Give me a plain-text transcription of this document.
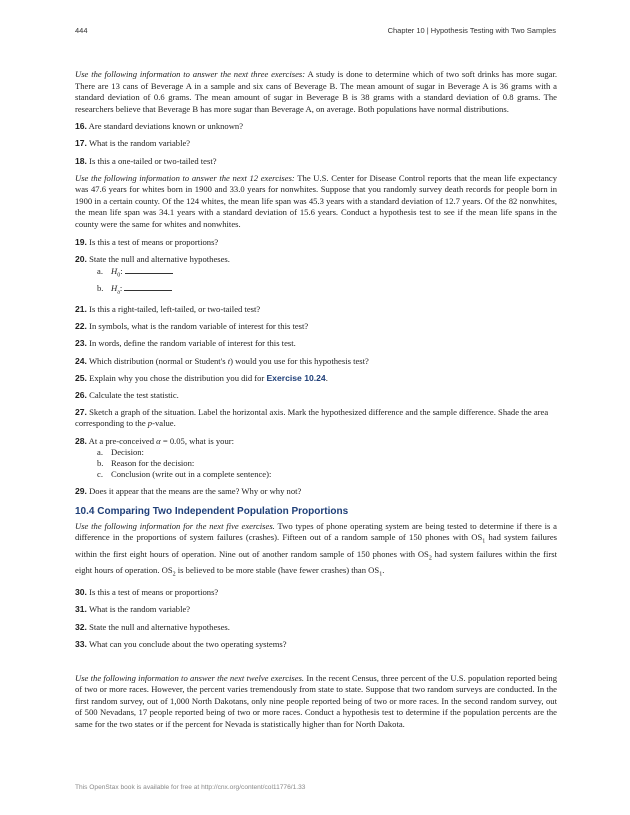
444	Chapter 10 | Hypothesis Testing with Two Samples

Use the following information to answer the next three exercises: A study is done to determine which of two soft drinks has more sugar. There are 13 cans of Beverage A in a sample and six cans of Beverage B. The mean amount of sugar in Beverage A is 36 grams with a standard deviation of 0.6 grams. The mean amount of sugar in Beverage B is 38 grams with a standard deviation of 0.8 grams. The researchers believe that Beverage B has more sugar than Beverage A, on average. Both populations have normal distributions.

16. Are standard deviations known or unknown?

17. What is the random variable?

18. Is this a one-tailed or two-tailed test?

Use the following information to answer the next 12 exercises: The U.S. Center for Disease Control reports that the mean life expectancy was 47.6 years for whites born in 1900 and 33.0 years for nonwhites. Suppose that you randomly survey death records for people born in 1900 in a certain county. Of the 124 whites, the mean life span was 45.3 years with a standard deviation of 12.7 years. Of the 82 nonwhites, the mean life span was 34.1 years with a standard deviation of 15.6 years. Conduct a hypothesis test to see if the mean life spans in the county were the same for whites and nonwhites.

19. Is this a test of means or proportions?

20. State the null and alternative hypotheses.

a. $H_0$:
b. $H_a$:

21. Is this a right-tailed, left-tailed, or two-tailed test?

22. In symbols, what is the random variable of interest for this test?

23. In words, define the random variable of interest for this test.

24. Which distribution (normal or Student's t) would you use for this hypothesis test?

25. Explain why you chose the distribution you did for Exercise 10.24.

26. Calculate the test statistic.

27. Sketch a graph of the situation. Label the horizontal axis. Mark the hypothesized difference and the sample difference. Shade the area corresponding to the p-value.

28. At a pre-conceived α = 0.05, what is your:

a. Decision:
b. Reason for the decision:
c. Conclusion (write out in a complete sentence):

29. Does it appear that the means are the same? Why or why not?

10.4 Comparing Two Independent Population Proportions

Use the following information for the next five exercises. Two types of phone operating system are being tested to determine if there is a difference in the proportions of system failures (crashes). Fifteen out of a random sample of 150 phones with $OS_1$ had system failures within the first eight hours of operation. Nine out of another random sample of 150 phones with $OS_2$ had system failures within the first eight hours of operation. $OS_2$ is believed to be more stable (have fewer crashes) than $OS_1$.

30. Is this a test of means or proportions?

31. What is the random variable?

32. State the null and alternative hypotheses.

33. What can you conclude about the two operating systems?

Use the following information to answer the next twelve exercises. In the recent Census, three percent of the U.S. population reported being of two or more races. However, the percent varies tremendously from state to state. Suppose that two random surveys are conducted. In the first random survey, out of 1,000 North Dakotans, only nine people reported being of two or more races. In the second random survey, out of 500 Nevadans, 17 people reported being of two or more races. Conduct a hypothesis test to determine if the population percents are the same for the two states or if the percent for Nevada is statistically higher than for North Dakota.

This OpenStax book is available for free at http://cnx.org/content/col11776/1.33
